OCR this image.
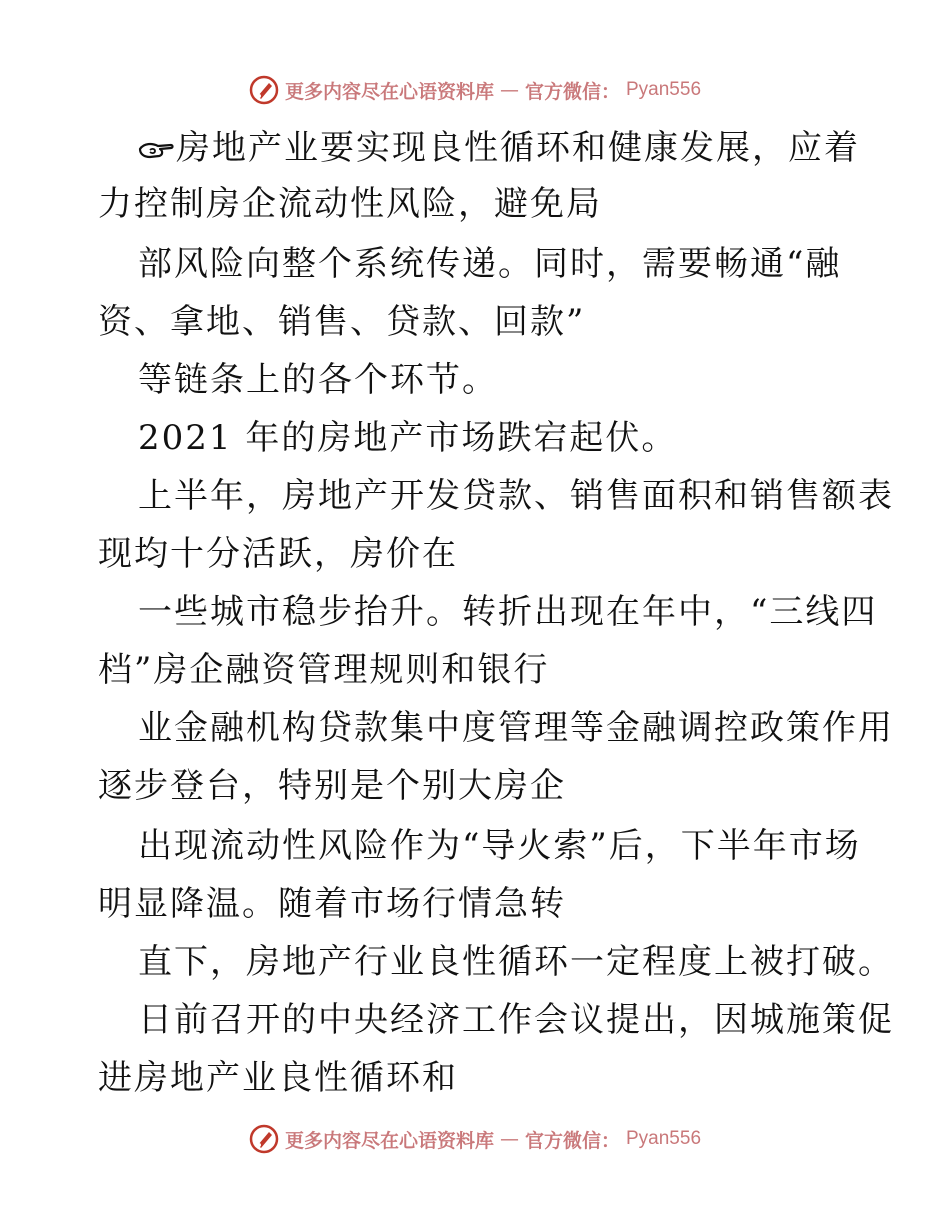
更多内容尽在心语资料库 — 官方微信： Pyan556
房地产业要实现良性循环和健康发展，应着
力控制房企流动性风险，避免局
部风险向整个系统传递。同时，需要畅通“融
资、拿地、销售、贷款、回款”
等链条上的各个环节。
2021 年的房地产市场跌宕起伏。
上半年，房地产开发贷款、销售面积和销售额表
现均十分活跃，房价在
一些城市稳步抬升。转折出现在年中，“三线四
档”房企融资管理规则和银行
业金融机构贷款集中度管理等金融调控政策作用
逐步登台，特别是个别大房企
出现流动性风险作为“导火索”后，下半年市场
明显降温。随着市场行情急转
直下，房地产行业良性循环一定程度上被打破。
日前召开的中央经济工作会议提出，因城施策促
进房地产业良性循环和
更多内容尽在心语资料库 — 官方微信： Pyan556
